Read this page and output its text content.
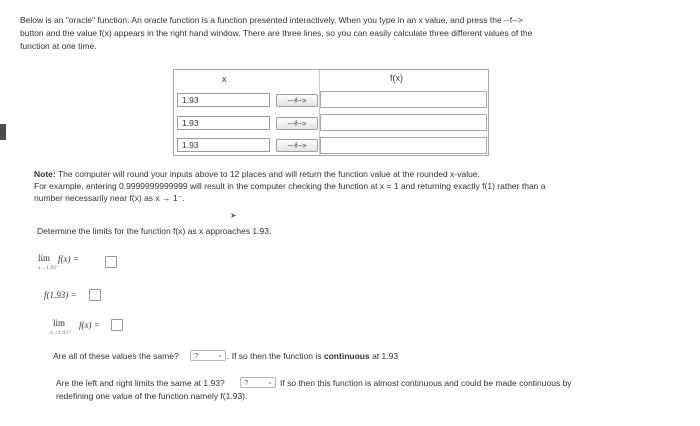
Below is an "oracle" function. An oracle function is a function presented interactively. When you type in an x value, and press the --f-->
button and the value f(x) appears in the right hand window. There are three lines, so you can easily calculate three different values of the
function at one time.
x	f(x)
1.93	---f-->
1.93	---f-->
1.93	---f-->
Note: The computer will round your inputs above to 12 places and will return the function value at the rounded x-value.
For example, entering 0.9999999999999 will result in the computer checking the function at x = 1 and returning exactly f(1) rather than a
number necessarily near f(x) as x → 1⁻.
➤
Determine the limits for the function f(x) as x approaches 1.93.
lim
x→1.93⁻
f(x) =
f(1.93) =
lim
x→1.93⁺
f(x) =
Are all of these values the same?	?	⌄ . If so then the function is continuous at 1.93
Are the left and right limits the same at 1.93?	?	⌄ If so then this function is almost continuous and could be made continuous by
redefining one value of the function namely f(1.93).
